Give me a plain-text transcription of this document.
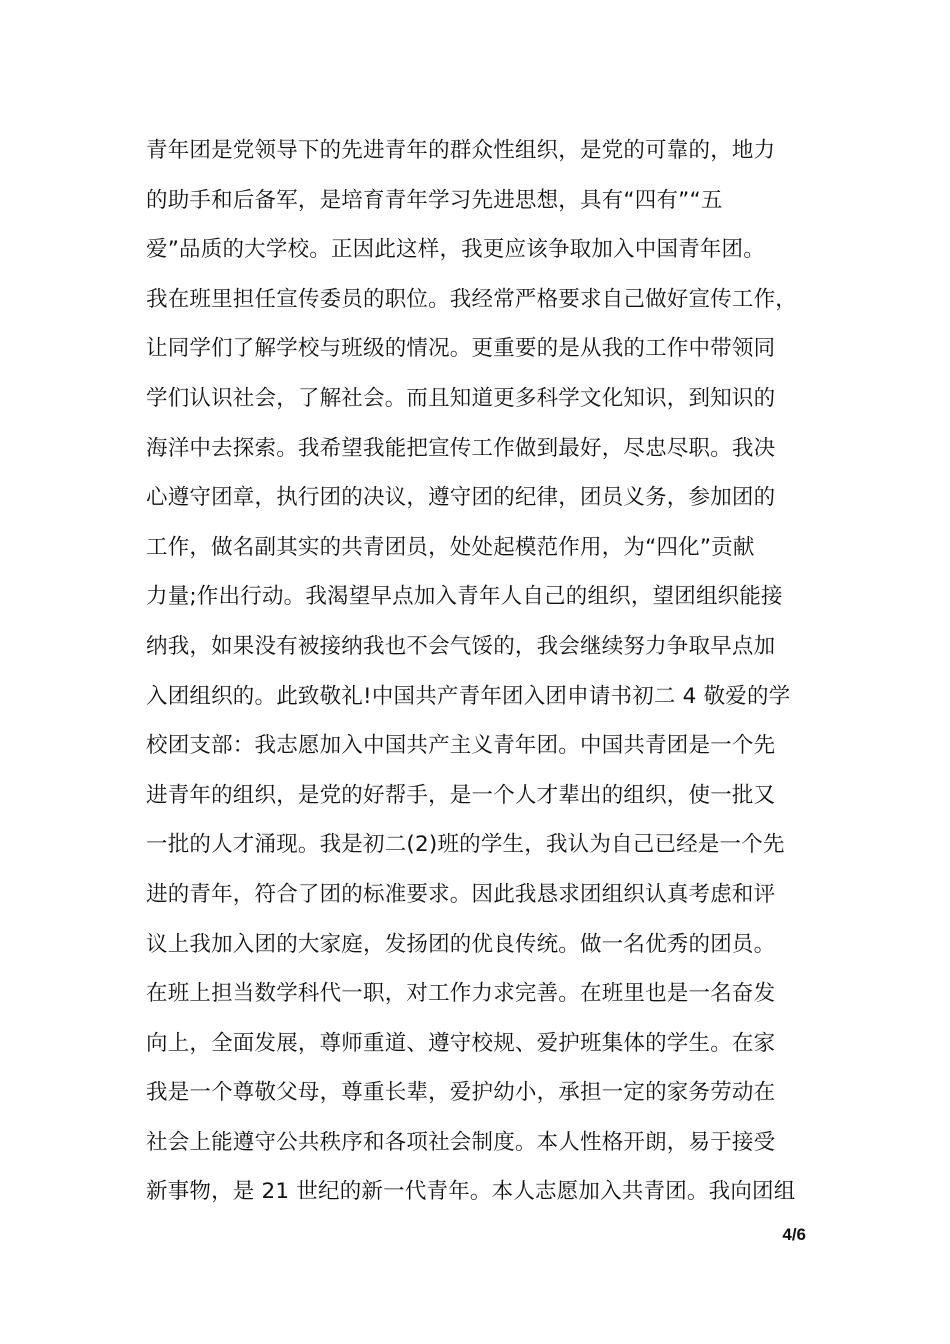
青年团是党领导下的先进青年的群众性组织，是党的可靠的，地力
的助手和后备军，是培育青年学习先进思想，具有“四有”“五
爱”品质的大学校。正因此这样，我更应该争取加入中国青年团。
我在班里担任宣传委员的职位。我经常严格要求自己做好宣传工作，
让同学们了解学校与班级的情况。更重要的是从我的工作中带领同
学们认识社会，了解社会。而且知道更多科学文化知识，到知识的
海洋中去探索。我希望我能把宣传工作做到最好，尽忠尽职。我决
心遵守团章，执行团的决议，遵守团的纪律，团员义务，参加团的
工作，做名副其实的共青团员，处处起模范作用，为“四化”贡献
力量;作出行动。我渴望早点加入青年人自己的组织，望团组织能接
纳我，如果没有被接纳我也不会气馁的，我会继续努力争取早点加
入团组织的。此致敬礼!中国共产青年团入团申请书初二 4 敬爱的学
校团支部：我志愿加入中国共产主义青年团。中国共青团是一个先
进青年的组织，是党的好帮手，是一个人才辈出的组织，使一批又
一批的人才涌现。我是初二(2)班的学生，我认为自己已经是一个先
进的青年，符合了团的标准要求。因此我恳求团组织认真考虑和评
议上我加入团的大家庭，发扬团的优良传统。做一名优秀的团员。
在班上担当数学科代一职，对工作力求完善。在班里也是一名奋发
向上，全面发展，尊师重道、遵守校规、爱护班集体的学生。在家
我是一个尊敬父母，尊重长辈，爱护幼小，承担一定的家务劳动在
社会上能遵守公共秩序和各项社会制度。本人性格开朗，易于接受
新事物，是 21 世纪的新一代青年。本人志愿加入共青团。我向团组
4/6
